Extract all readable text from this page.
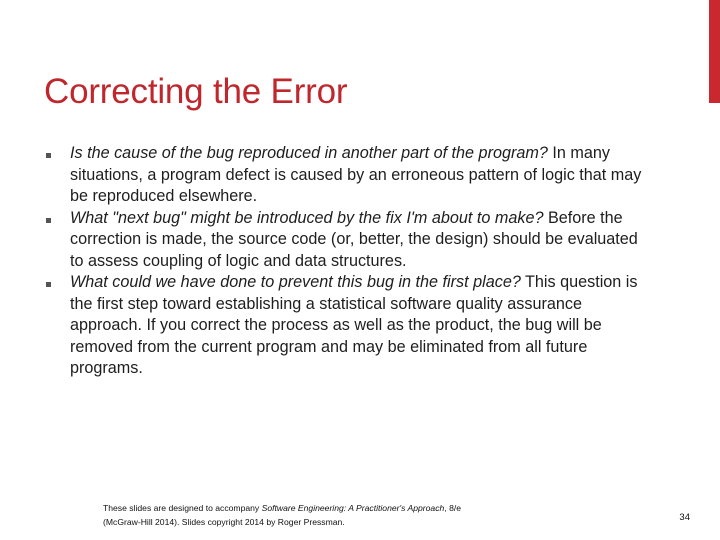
Correcting the Error
Is the cause of the bug reproduced in another part of the program? In many situations, a program defect is caused by an erroneous pattern of logic that may be reproduced elsewhere.
What "next bug" might be introduced by the fix I'm about to make? Before the correction is made, the source code (or, better, the design) should be evaluated to assess coupling of logic and data structures.
What could we have done to prevent this bug in the first place? This question is the first step toward establishing a statistical software quality assurance approach. If you correct the process as well as the product, the bug will be removed from the current program and may be eliminated from all future programs.

These slides are designed to accompany Software Engineering: A Practitioner's Approach, 8/e
(McGraw-Hill 2014). Slides copyright 2014 by Roger Pressman.	34
